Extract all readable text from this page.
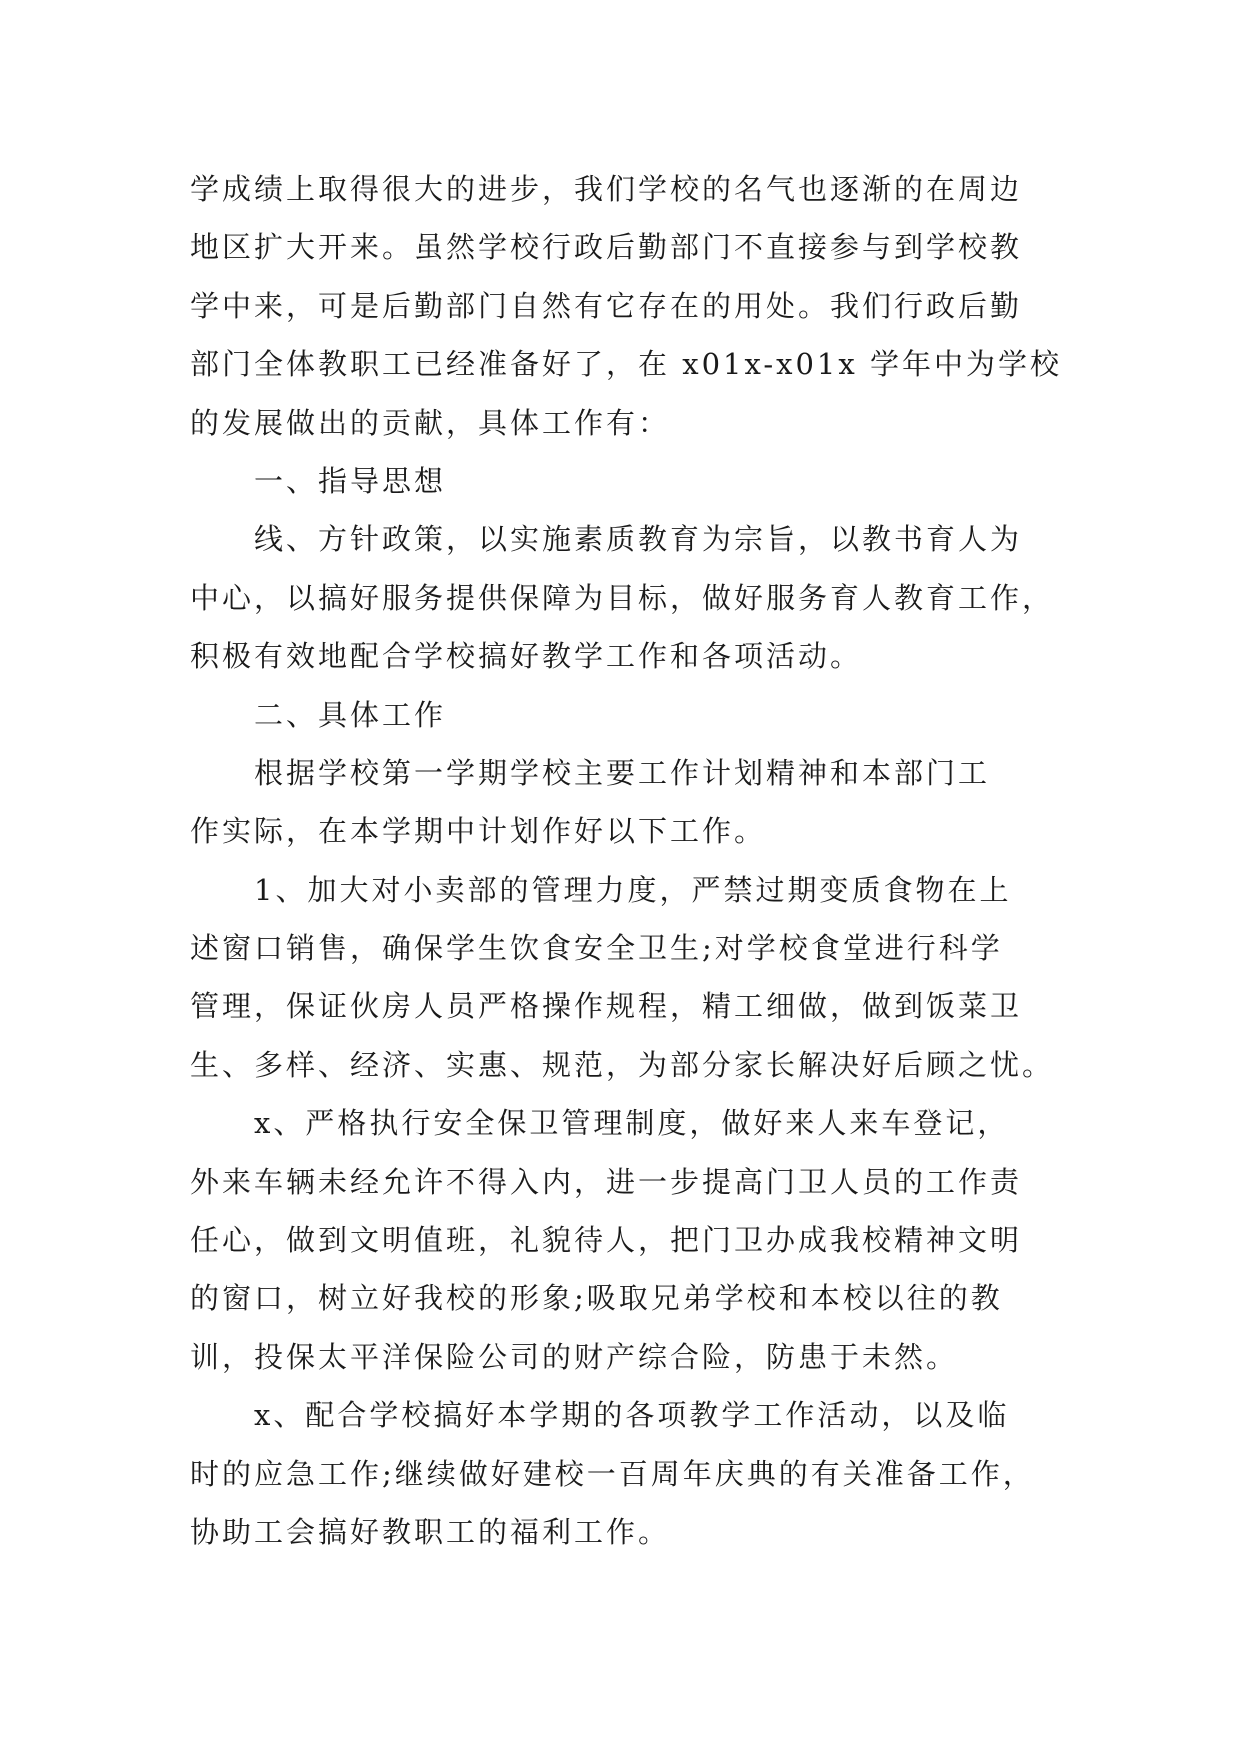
学成绩上取得很大的进步，我们学校的名气也逐渐的在周边
地区扩大开来。虽然学校行政后勤部门不直接参与到学校教
学中来，可是后勤部门自然有它存在的用处。我们行政后勤
部门全体教职工已经准备好了，在 x01x-x01x 学年中为学校
的发展做出的贡献，具体工作有：
一、指导思想
线、方针政策，以实施素质教育为宗旨，以教书育人为
中心，以搞好服务提供保障为目标，做好服务育人教育工作，
积极有效地配合学校搞好教学工作和各项活动。
二、具体工作
根据学校第一学期学校主要工作计划精神和本部门工
作实际，在本学期中计划作好以下工作。
1、加大对小卖部的管理力度，严禁过期变质食物在上
述窗口销售，确保学生饮食安全卫生;对学校食堂进行科学
管理，保证伙房人员严格操作规程，精工细做，做到饭菜卫
生、多样、经济、实惠、规范，为部分家长解决好后顾之忧。
x、严格执行安全保卫管理制度，做好来人来车登记，
外来车辆未经允许不得入内，进一步提高门卫人员的工作责
任心，做到文明值班，礼貌待人，把门卫办成我校精神文明
的窗口，树立好我校的形象;吸取兄弟学校和本校以往的教
训，投保太平洋保险公司的财产综合险，防患于未然。
x、配合学校搞好本学期的各项教学工作活动，以及临
时的应急工作;继续做好建校一百周年庆典的有关准备工作，
协助工会搞好教职工的福利工作。
